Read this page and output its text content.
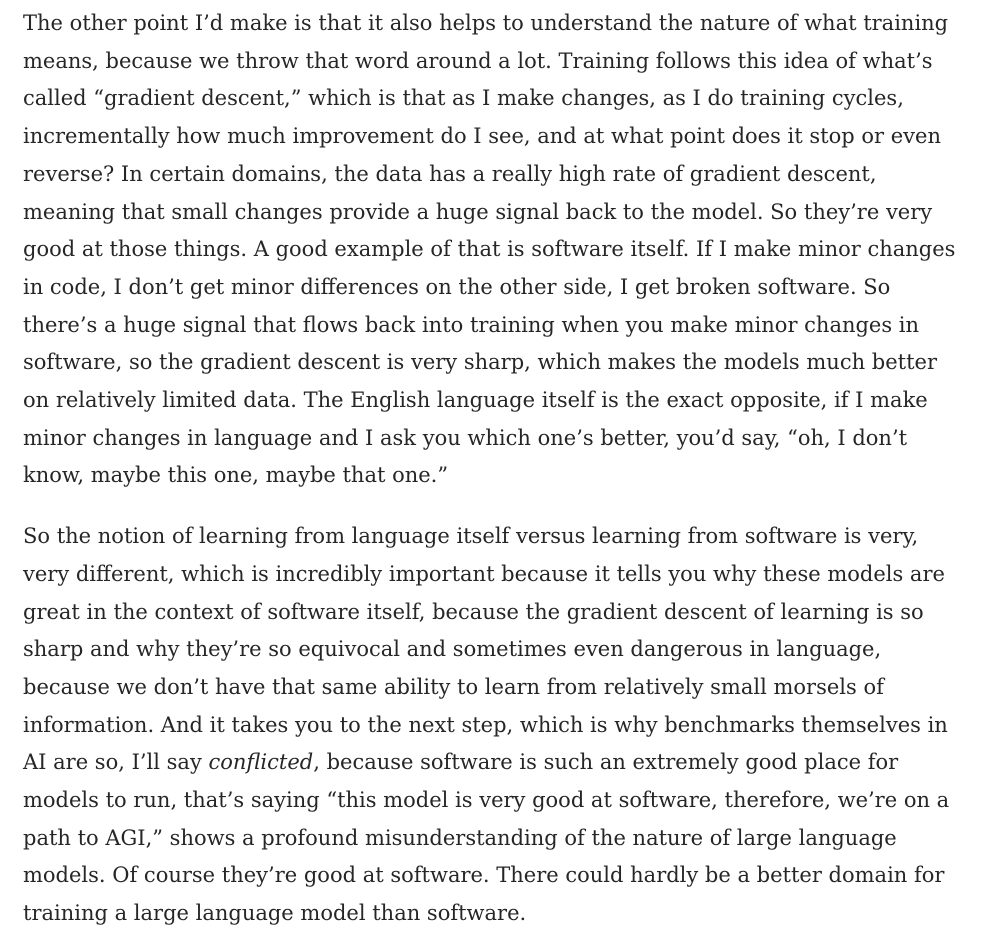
The other point I’d make is that it also helps to understand the nature of what training means, because we throw that word around a lot. Training follows this idea of what’s called “gradient descent,” which is that as I make changes, as I do training cycles, incrementally how much improvement do I see, and at what point does it stop or even reverse? In certain domains, the data has a really high rate of gradient descent, meaning that small changes provide a huge signal back to the model. So they’re very good at those things. A good example of that is software itself. If I make minor changes in code, I don’t get minor differences on the other side, I get broken software. So there’s a huge signal that flows back into training when you make minor changes in software, so the gradient descent is very sharp, which makes the models much better on relatively limited data. The English language itself is the exact opposite, if I make minor changes in language and I ask you which one’s better, you’d say, “oh, I don’t know, maybe this one, maybe that one.”

So the notion of learning from language itself versus learning from software is very, very different, which is incredibly important because it tells you why these models are great in the context of software itself, because the gradient descent of learning is so sharp and why they’re so equivocal and sometimes even dangerous in language, because we don’t have that same ability to learn from relatively small morsels of information. And it takes you to the next step, which is why benchmarks themselves in AI are so, I’ll say conflicted, because software is such an extremely good place for models to run, that’s saying “this model is very good at software, therefore, we’re on a path to AGI,” shows a profound misunderstanding of the nature of large language models. Of course they’re good at software. There could hardly be a better domain for training a large language model than software.
